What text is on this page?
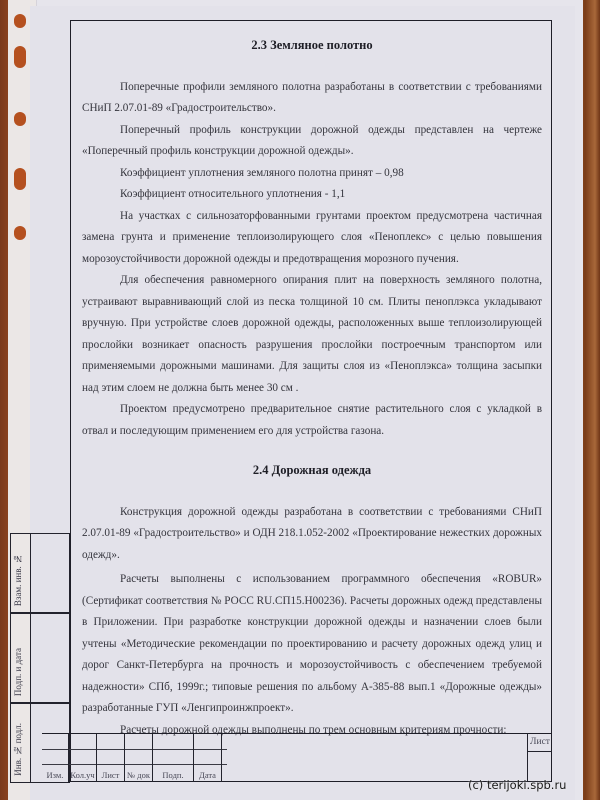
2.3 Земляное полотно

Поперечные профили земляного полотна разработаны в соответствии с требованиями СНиП 2.07.01-89 «Градостроительство».

Поперечный профиль конструкции дорожной одежды представлен на чертеже «Поперечный профиль конструкции дорожной одежды».

Коэффициент уплотнения земляного полотна принят – 0,98

Коэффициент относительного уплотнения - 1,1

На участках с сильнозаторфованными грунтами проектом предусмотрена частичная замена грунта и применение теплоизолирующего слоя «Пеноплекс» с целью повышения морозоустойчивости дорожной одежды и предотвращения морозного пучения.

Для обеспечения равномерного опирания плит на поверхность земляного полотна, устраивают выравнивающий слой из песка толщиной 10 см. Плиты пеноплэкса укладывают вручную. При устройстве слоев дорожной одежды, расположенных выше теплоизолирующей прослойки возникает опасность разрушения прослойки построечным транспортом или применяемыми дорожными машинами. Для защиты слоя из «Пеноплэкса» толщина засыпки над этим слоем не должна быть менее 30 см .

Проектом предусмотрено предварительное снятие растительного слоя с укладкой в отвал и последующим применением его для устройства газона.

2.4 Дорожная одежда

Конструкция дорожной одежды разработана в соответствии с требованиями СНиП 2.07.01-89 «Градостроительство» и ОДН 218.1.052-2002 «Проектирование нежестких дорожных одежд».

Расчеты выполнены с использованием программного обеспечения «ROBUR» (Сертификат соответствия № РОСС RU.СП15.Н00236). Расчеты дорожных одежд представлены в Приложении. При разработке конструкции дорожной одежды и назначении слоев были учтены «Методические рекомендации по проектированию и расчету дорожных одежд улиц и дорог Санкт-Петербурга на прочность и морозоустойчивость с обеспечением требуемой надежности» СПб, 1999г.; типовые решения по альбому А-385-88 вып.1 «Дорожные одежды» разработанные ГУП «Ленгипроинжпроект».

Расчеты дорожной одежды выполнены по трем основным критериям прочности:

Взам. инв. №
Подп. и дата
Инв. № подл.	Изм. Кол.уч Лист № док	Подп.	Дата
Лист
(c) terijoki.spb.ru
